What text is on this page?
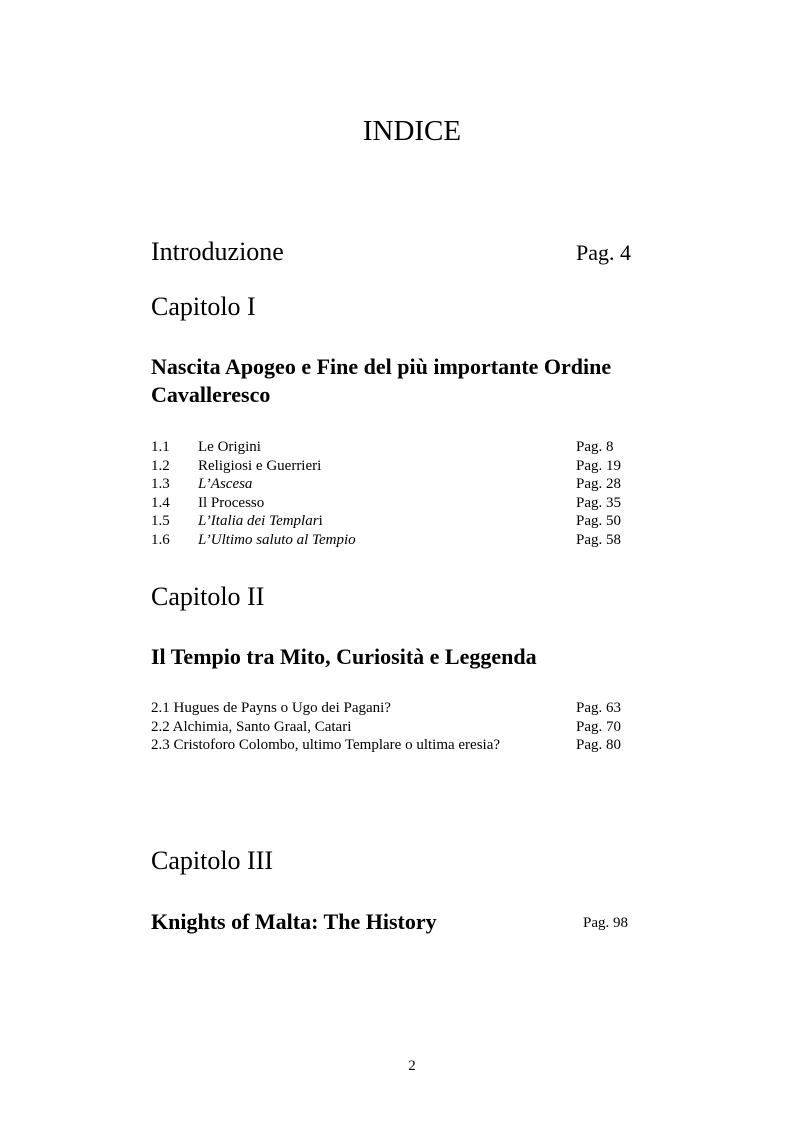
INDICE
Introduzione	Pag. 4
Capitolo I
Nascita Apogeo e Fine del più importante Ordine
Cavalleresco
1.1 Le Origini	Pag. 8
1.2 Religiosi e Guerrieri	Pag. 19
1.3 L’Ascesa	Pag. 28
1.4 Il Processo	Pag. 35
1.5 L’Italia dei Templari	Pag. 50
1.6 L’Ultimo saluto al Tempio	Pag. 58
Capitolo II
Il Tempio tra Mito, Curiosità e Leggenda
2.1 Hugues de Payns o Ugo dei Pagani?	Pag. 63
2.2 Alchimia, Santo Graal, Catari	Pag. 70
2.3 Cristoforo Colombo, ultimo Templare o ultima eresia?	Pag. 80
Capitolo III
Knights of Malta: The History	Pag. 98
2
